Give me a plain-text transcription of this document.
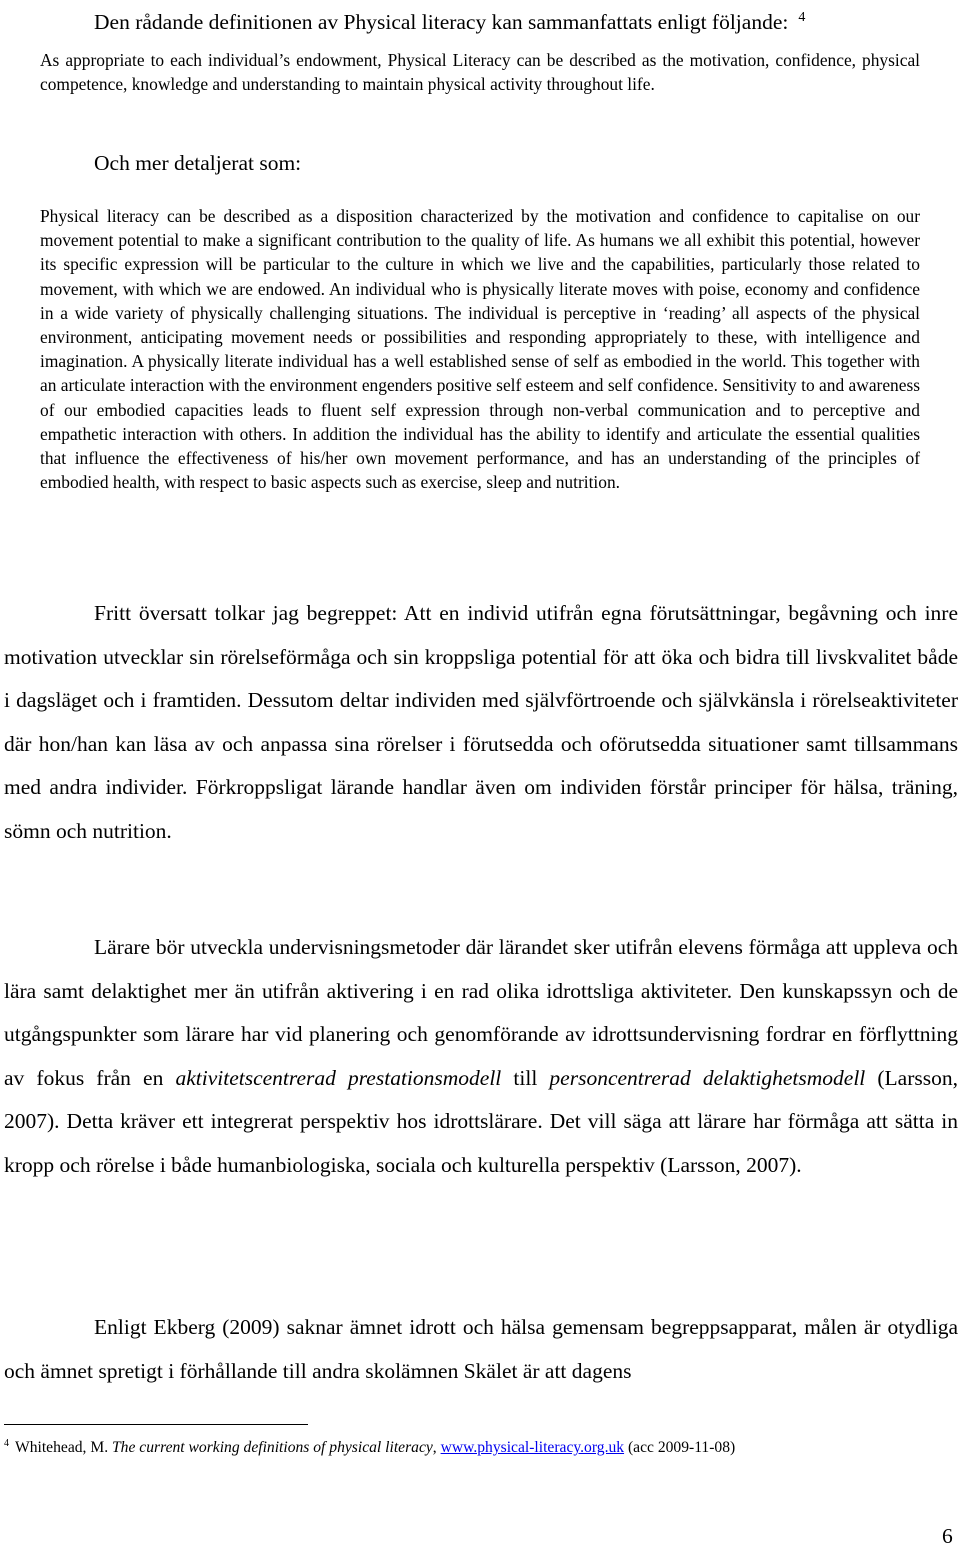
Den rådande definitionen av Physical literacy kan sammanfattats enligt följande: $^4$
As appropriate to each individual’s endowment, Physical Literacy can be described as the motivation, confidence, physical competence, knowledge and understanding to maintain physical activity throughout life.
Och mer detaljerat som:
Physical literacy can be described as a disposition characterized by the motivation and confidence to capitalise on our movement potential to make a significant contribution to the quality of life. As humans we all exhibit this potential, however its specific expression will be particular to the culture in which we live and the capabilities, particularly those related to movement, with which we are endowed. An individual who is physically literate moves with poise, economy and confidence in a wide variety of physically challenging situations. The individual is perceptive in ‘reading’ all aspects of the physical environment, anticipating movement needs or possibilities and responding appropriately to these, with intelligence and imagination. A physically literate individual has a well established sense of self as embodied in the world. This together with an articulate interaction with the environment engenders positive self esteem and self confidence. Sensitivity to and awareness of our embodied capacities leads to fluent self expression through non-verbal communication and to perceptive and empathetic interaction with others. In addition the individual has the ability to identify and articulate the essential qualities that influence the effectiveness of his/her own movement performance, and has an understanding of the principles of embodied health, with respect to basic aspects such as exercise, sleep and nutrition.
Fritt översatt tolkar jag begreppet: Att en individ utifrån egna förutsättningar, begåvning och inre motivation utvecklar sin rörelseförmåga och sin kroppsliga potential för att öka och bidra till livskvalitet både i dagsläget och i framtiden. Dessutom deltar individen med självförtroende och självkänsla i rörelseaktiviteter där hon/han kan läsa av och anpassa sina rörelser i förutsedda och oförutsedda situationer samt tillsammans med andra individer. Förkroppsligat lärande handlar även om individen förstår principer för hälsa, träning, sömn och nutrition.
Lärare bör utveckla undervisningsmetoder där lärandet sker utifrån elevens förmåga att uppleva och lära samt delaktighet mer än utifrån aktivering i en rad olika idrottsliga aktiviteter. Den kunskapssyn och de utgångspunkter som lärare har vid planering och genomförande av idrottsundervisning fordrar en förflyttning av fokus från en aktivitetscentrerad prestationsmodell till personcentrerad delaktighetsmodell (Larsson, 2007). Detta kräver ett integrerat perspektiv hos idrottslärare. Det vill säga att lärare har förmåga att sätta in kropp och rörelse i både humanbiologiska, sociala och kulturella perspektiv (Larsson, 2007).
Enligt Ekberg (2009) saknar ämnet idrott och hälsa gemensam begreppsapparat, målen är otydliga och ämnet spretigt i förhållande till andra skolämnen Skälet är att dagens
$^4$ Whitehead, M. The current working definitions of physical literacy, www.physical-literacy.org.uk (acc 2009-11-08)
6
